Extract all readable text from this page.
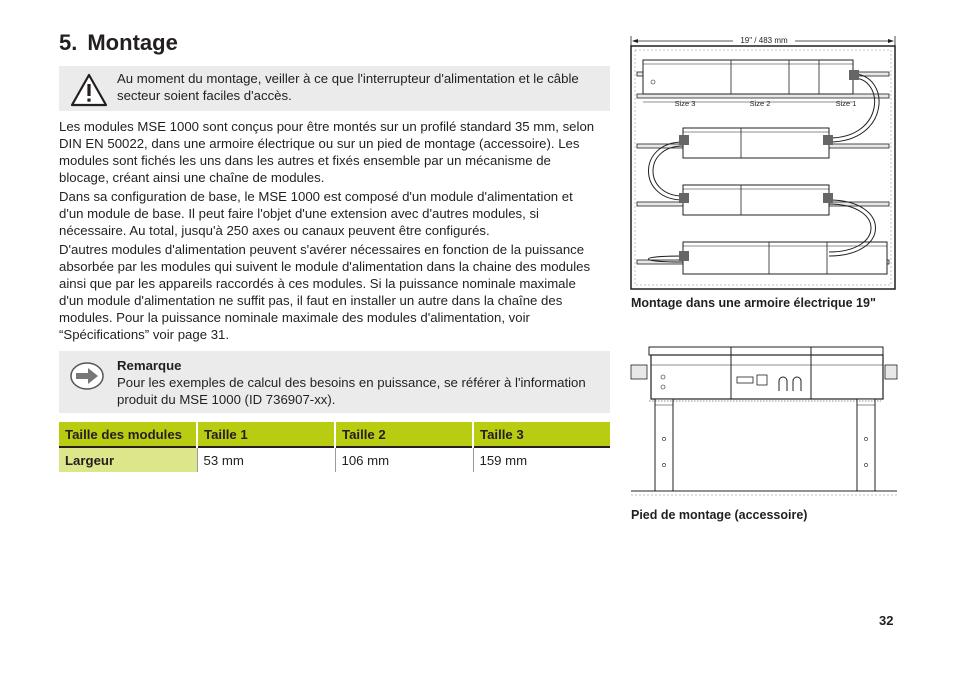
5. Montage
Au moment du montage, veiller à ce que l'interrupteur d'alimentation et le câble secteur soient faciles d'accès.

Les modules MSE 1000 sont conçus pour être montés sur un profilé standard 35 mm, selon DIN EN 50022, dans une armoire électrique ou sur un pied de montage (accessoire). Les modules sont fichés les uns dans les autres et fixés ensemble par un mécanisme de blocage, créant ainsi une chaîne de modules.

Dans sa configuration de base, le MSE 1000 est composé d'un module d'alimentation et d'un module de base. Il peut faire l'objet d'une extension avec d'autres modules, si nécessaire. Au total, jusqu'à 250 axes ou canaux peuvent être configurés.

D'autres modules d'alimentation peuvent s'avérer nécessaires en fonction de la puissance absorbée par les modules qui suivent le module d'alimentation dans la chaine des modules ainsi que par les appareils raccordés à ces modules. Si la puissance nominale maximale d'un module d'alimentation ne suffit pas, il faut en installer un autre dans la chaîne des modules. Pour la puissance nominale maximale des modules d'alimentation, voir “Spécifications” voir page 31.

Remarque
Pour les exemples de calcul des besoins en puissance, se référer à l'information produit du MSE 1000 (ID 736907-xx).
Taille des modules	Taille 1	Taille 2	Taille 3
Largeur	53 mm	106 mm	159 mm
19" / 483 mm
Size 3	Size 2	Size 1
Montage dans une armoire électrique 19"
Pied de montage (accessoire)
32
